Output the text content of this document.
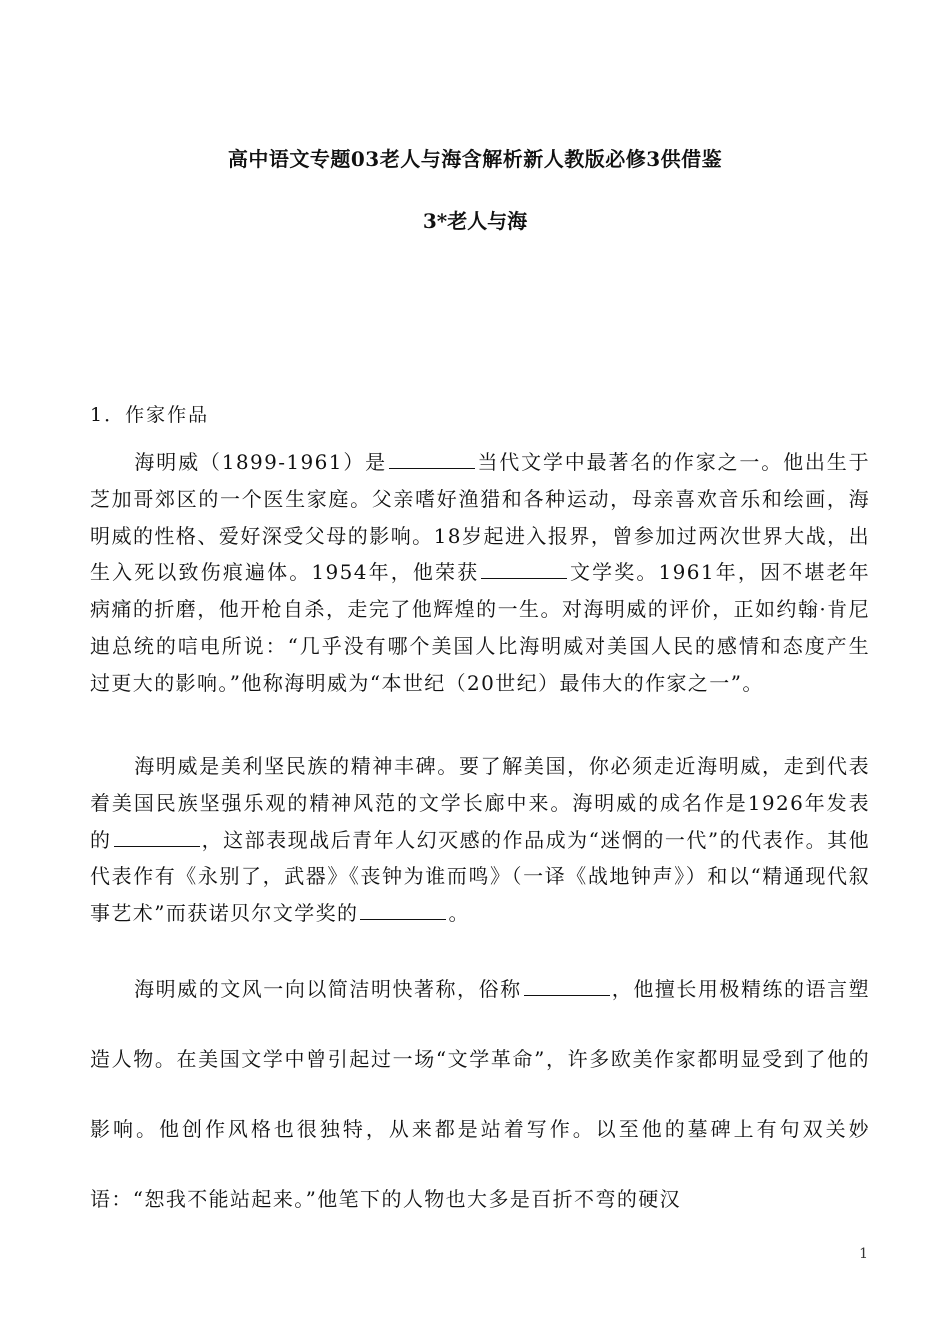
高中语文专题03老人与海含解析新人教版必修3供借鉴
3*老人与海
1．作家作品
海明威（1899-1961）是	当代文学中最著名的作家之一。他出生于芝加哥郊区的一个医生家庭。父亲嗜好渔猎和各种运动，母亲喜欢音乐和绘画，海明威的性格、爱好深受父母的影响。18岁起进入报界，曾参加过两次世界大战，出生入死以致伤痕遍体。1954年，他荣获	文学奖。1961年，因不堪老年病痛的折磨，他开枪自杀，走完了他辉煌的一生。对海明威的评价，正如约翰·肯尼迪总统的唁电所说：“几乎没有哪个美国人比海明威对美国人民的感情和态度产生过更大的影响。”他称海明威为“本世纪（20世纪）最伟大的作家之一”。
海明威是美利坚民族的精神丰碑。要了解美国，你必须走近海明威，走到代表着美国民族坚强乐观的精神风范的文学长廊中来。海明威的成名作是1926年发表的	，这部表现战后青年人幻灭感的作品成为“迷惘的一代”的代表作。其他代表作有《永别了，武器》《丧钟为谁而鸣》（一译《战地钟声》）和以“精通现代叙事艺术”而获诺贝尔文学奖的	。
海明威的文风一向以简洁明快著称，俗称	，他擅长用极精练的语言塑造人物。在美国文学中曾引起过一场“文学革命”，许多欧美作家都明显受到了他的影响。他创作风格也很独特，从来都是站着写作。以至他的墓碑上有句双关妙语：“恕我不能站起来。”他笔下的人物也大多是百折不弯的硬汉
1
